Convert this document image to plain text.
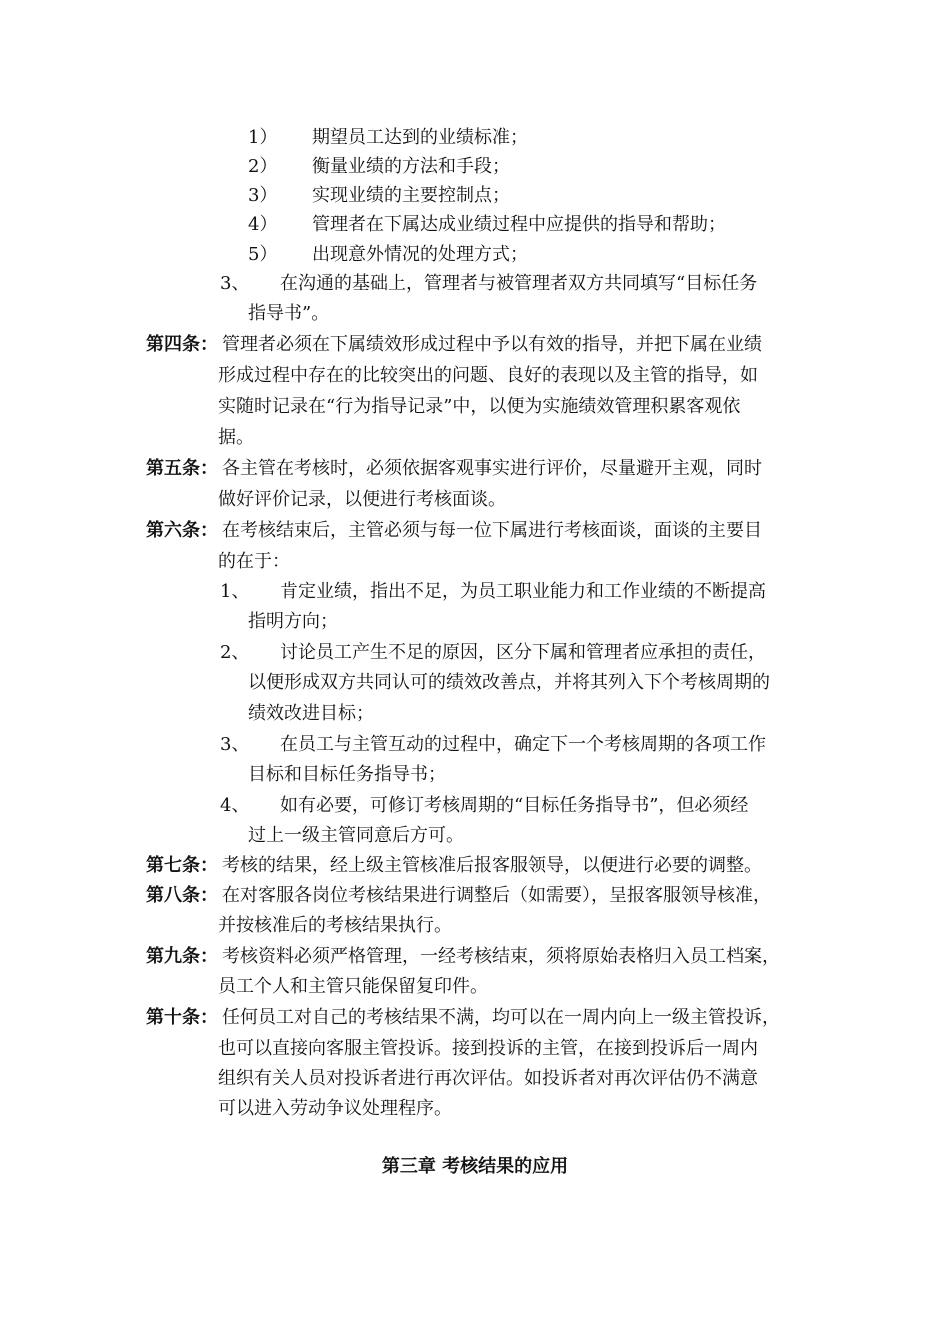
1） 期望员工达到的业绩标准；
2） 衡量业绩的方法和手段；
3） 实现业绩的主要控制点；
4） 管理者在下属达成业绩过程中应提供的指导和帮助；
5） 出现意外情况的处理方式；
3、 在沟通的基础上，管理者与被管理者双方共同填写“目标任务
指导书”。
第四条： 管理者必须在下属绩效形成过程中予以有效的指导，并把下属在业绩
形成过程中存在的比较突出的问题、良好的表现以及主管的指导，如
实随时记录在“行为指导记录”中，以便为实施绩效管理积累客观依
据。
第五条： 各主管在考核时，必须依据客观事实进行评价，尽量避开主观，同时
做好评价记录，以便进行考核面谈。
第六条： 在考核结束后，主管必须与每一位下属进行考核面谈，面谈的主要目
的在于：
1、 肯定业绩，指出不足，为员工职业能力和工作业绩的不断提高
指明方向；
2、 讨论员工产生不足的原因，区分下属和管理者应承担的责任，
以便形成双方共同认可的绩效改善点，并将其列入下个考核周期的
绩效改进目标；
3、 在员工与主管互动的过程中，确定下一个考核周期的各项工作
目标和目标任务指导书；
4、 如有必要，可修订考核周期的“目标任务指导书”，但必须经
过上一级主管同意后方可。
第七条： 考核的结果，经上级主管核准后报客服领导，以便进行必要的调整。
第八条： 在对客服各岗位考核结果进行调整后（如需要），呈报客服领导核准，
并按核准后的考核结果执行。
第九条： 考核资料必须严格管理，一经考核结束，须将原始表格归入员工档案，
员工个人和主管只能保留复印件。
第十条： 任何员工对自己的考核结果不满，均可以在一周内向上一级主管投诉，
也可以直接向客服主管投诉。接到投诉的主管，在接到投诉后一周内
组织有关人员对投诉者进行再次评估。如投诉者对再次评估仍不满意
可以进入劳动争议处理程序。
第三章 考核结果的应用
